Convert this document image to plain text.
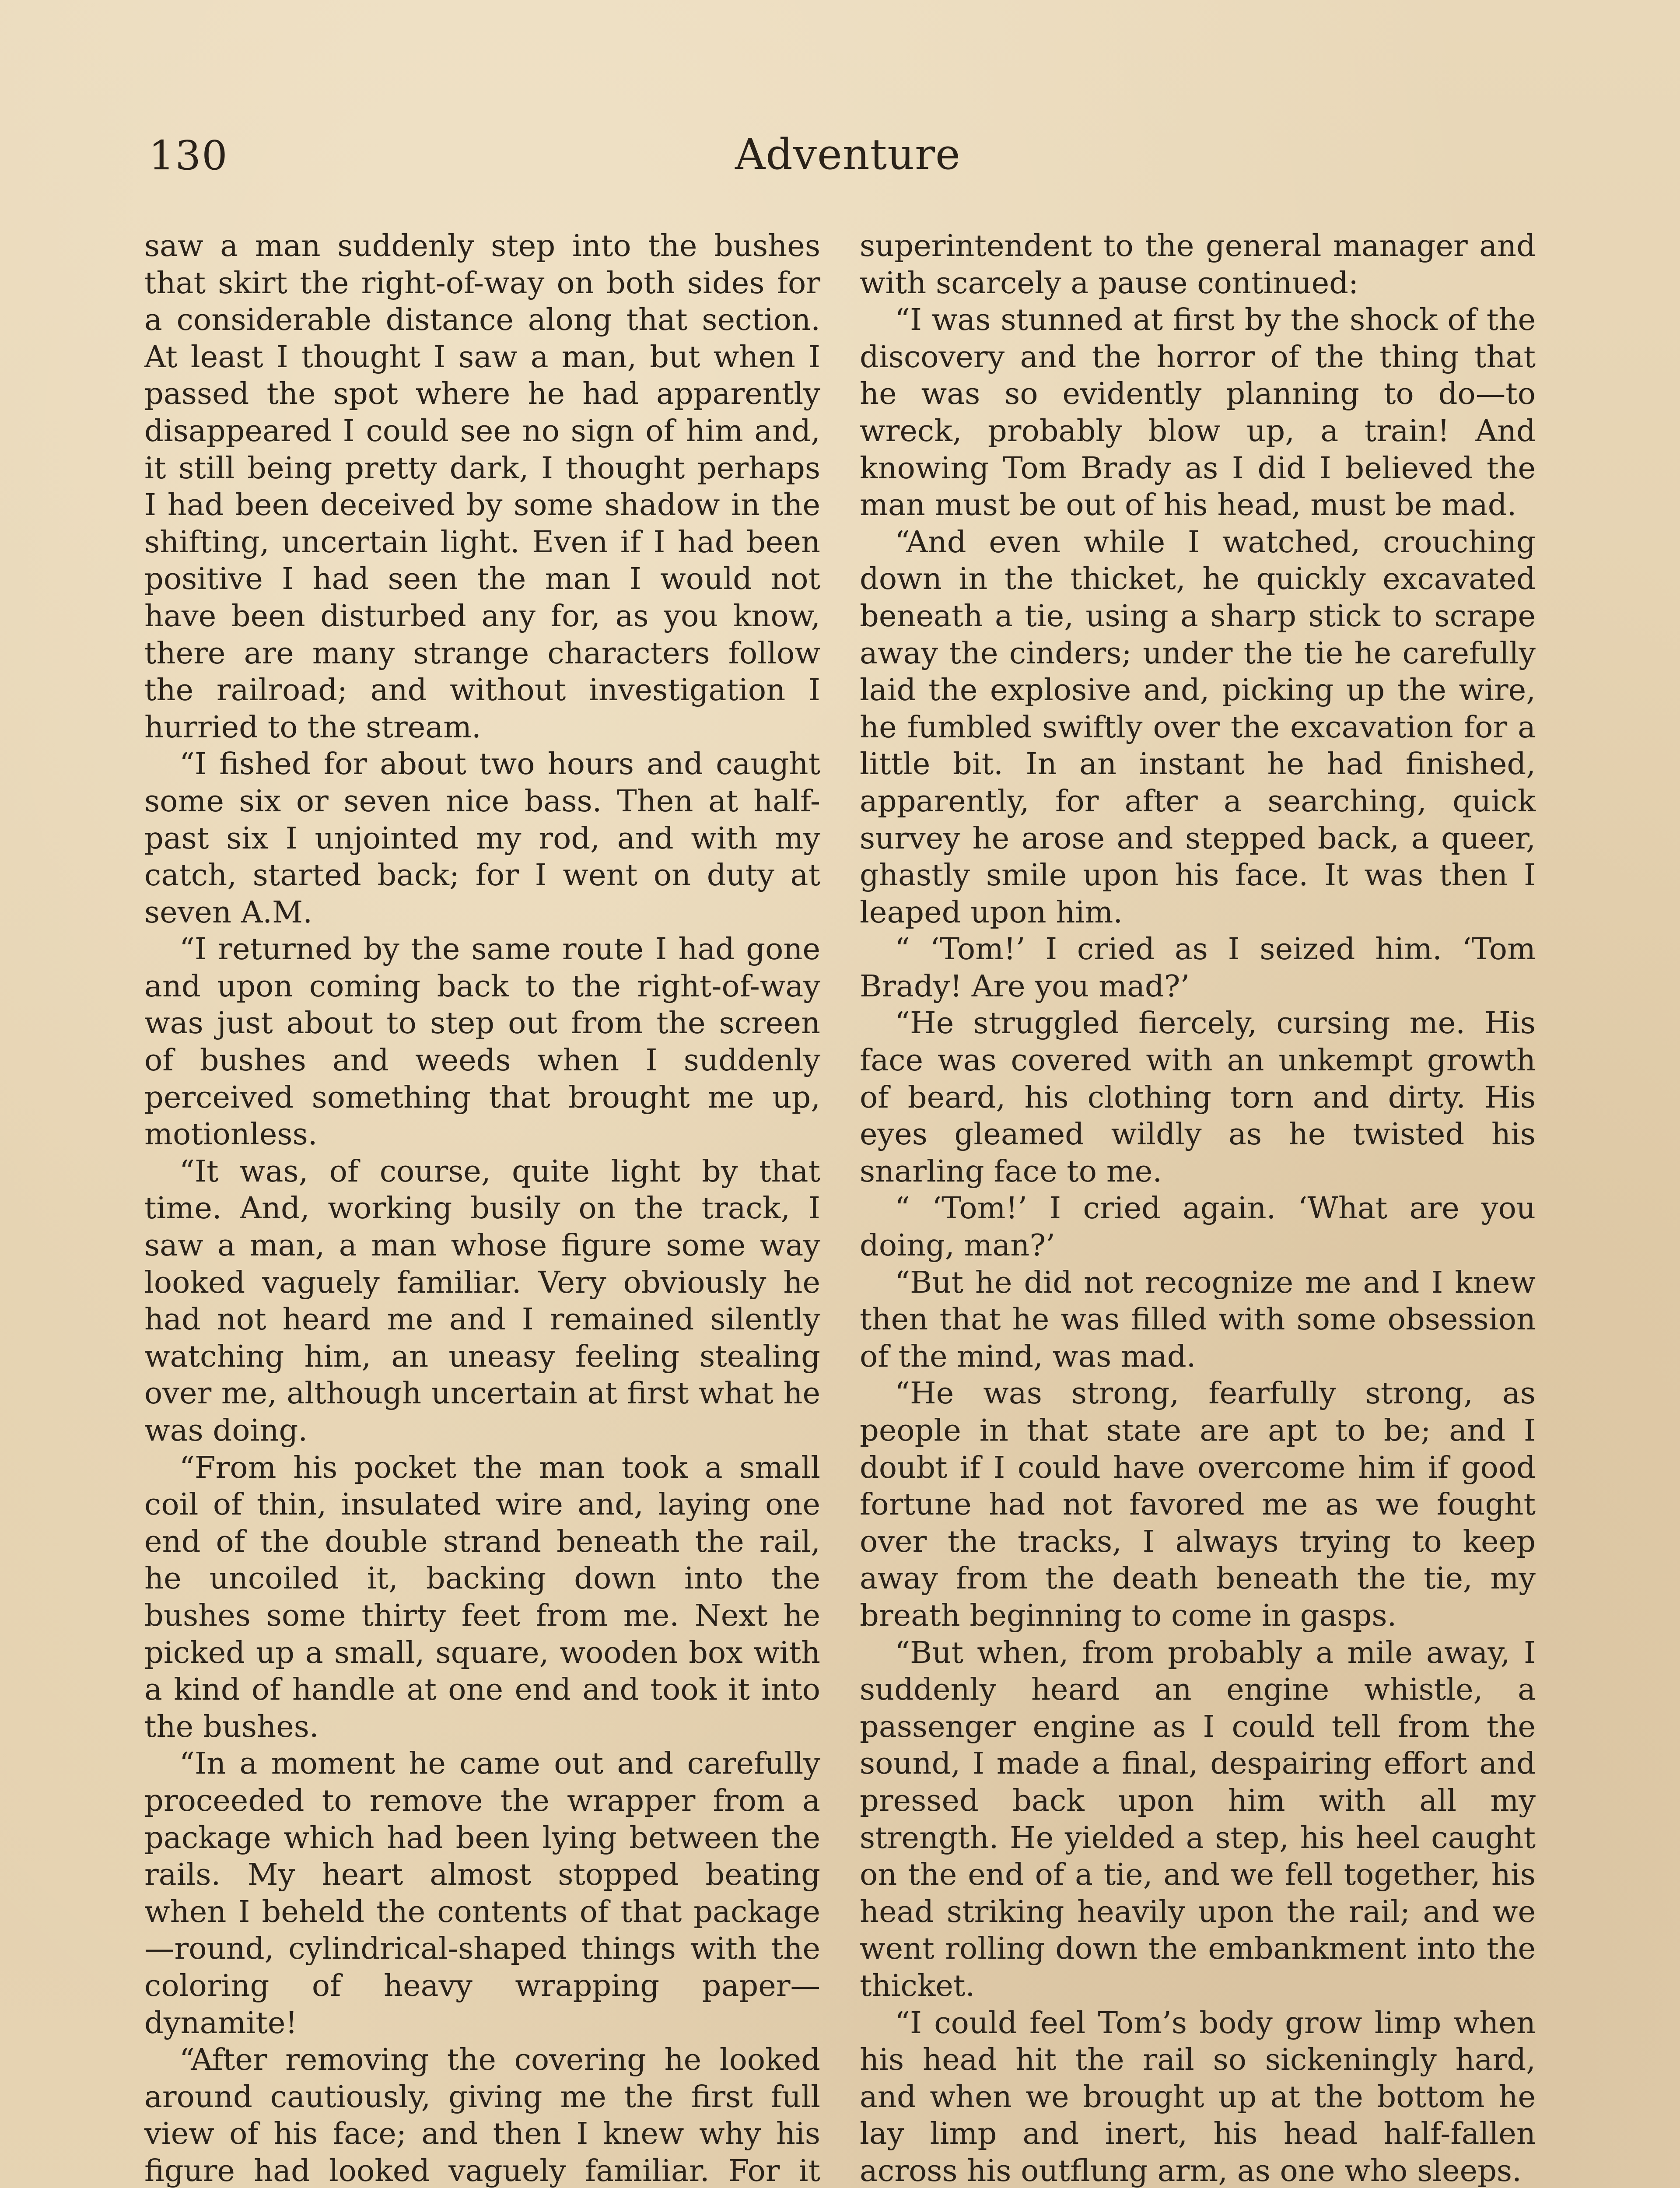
130	Adventure

saw a man suddenly step into the bushes that skirt the right-of-way on both sides for a considerable distance along that section. At least I thought I saw a man, but when I passed the spot where he had apparently disappeared I could see no sign of him and, it still being pretty dark, I thought perhaps I had been deceived by some shadow in the shifting, uncertain light. Even if I had been positive I had seen the man I would not have been disturbed any for, as you know, there are many strange characters follow the railroad; and without investigation I hurried to the stream.

“I fished for about two hours and caught some six or seven nice bass. Then at half-past six I unjointed my rod, and with my catch, started back; for I went on duty at seven A.M.

“I returned by the same route I had gone and upon coming back to the right-of-way was just about to step out from the screen of bushes and weeds when I suddenly perceived something that brought me up, motionless.

“It was, of course, quite light by that time. And, working busily on the track, I saw a man, a man whose figure some way looked vaguely familiar. Very obviously he had not heard me and I remained silently watching him, an uneasy feeling stealing over me, although uncertain at first what he was doing.

“From his pocket the man took a small coil of thin, insulated wire and, laying one end of the double strand beneath the rail, he uncoiled it, backing down into the bushes some thirty feet from me. Next he picked up a small, square, wooden box with a kind of handle at one end and took it into the bushes.

“In a moment he came out and carefully proceeded to remove the wrapper from a package which had been lying between the rails. My heart almost stopped beating when I beheld the contents of that package —round, cylindrical-shaped things with the coloring of heavy wrapping paper—dynamite!

“After removing the covering he looked around cautiously, giving me the first full view of his face; and then I knew why his figure had looked vaguely familiar. For it

superintendent to the general manager and with scarcely a pause continued:

“I was stunned at first by the shock of the discovery and the horror of the thing that he was so evidently planning to do—to wreck, probably blow up, a train! And knowing Tom Brady as I did I believed the man must be out of his head, must be mad.

“And even while I watched, crouching down in the thicket, he quickly excavated beneath a tie, using a sharp stick to scrape away the cinders; under the tie he carefully laid the explosive and, picking up the wire, he fumbled swiftly over the excavation for a little bit. In an instant he had finished, apparently, for after a searching, quick survey he arose and stepped back, a queer, ghastly smile upon his face. It was then I leaped upon him.

“ ‘Tom!’ I cried as I seized him. ‘Tom Brady! Are you mad?’

“He struggled fiercely, cursing me. His face was covered with an unkempt growth of beard, his clothing torn and dirty. His eyes gleamed wildly as he twisted his snarling face to me.

“ ‘Tom!’ I cried again. ‘What are you doing, man?’

“But he did not recognize me and I knew then that he was filled with some obsession of the mind, was mad.

“He was strong, fearfully strong, as people in that state are apt to be; and I doubt if I could have overcome him if good fortune had not favored me as we fought over the tracks, I always trying to keep away from the death beneath the tie, my breath beginning to come in gasps.

“But when, from probably a mile away, I suddenly heard an engine whistle, a passenger engine as I could tell from the sound, I made a final, despairing effort and pressed back upon him with all my strength. He yielded a step, his heel caught on the end of a tie, and we fell together, his head striking heavily upon the rail; and we went rolling down the embankment into the thicket.

“I could feel Tom’s body grow limp when his head hit the rail so sickeningly hard, and when we brought up at the bottom he lay limp and inert, his head half-fallen across his outflung arm, as one who sleeps.
